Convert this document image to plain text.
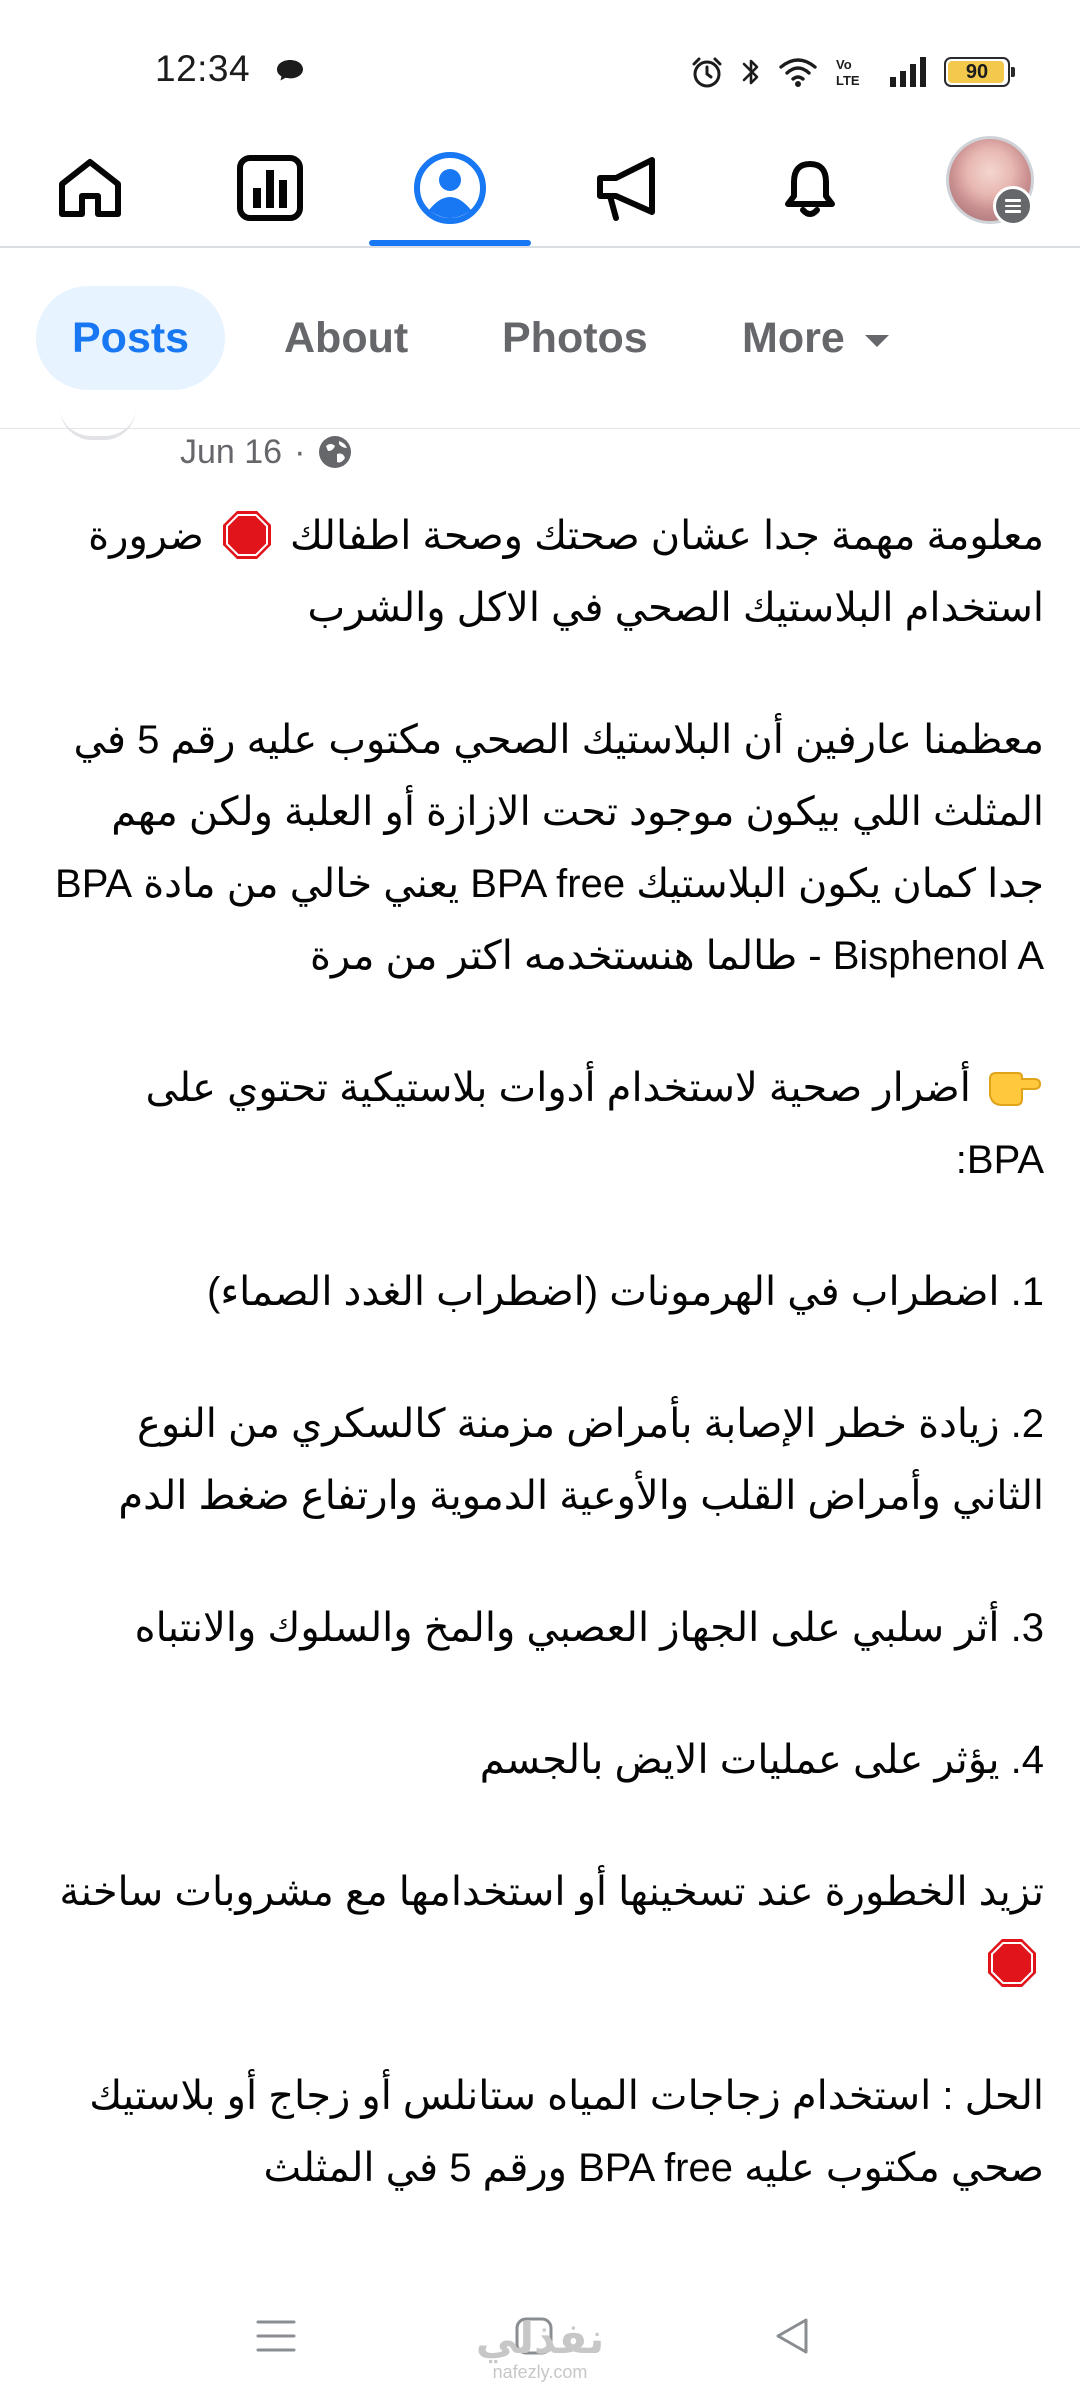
12:34	Vo
LTE	90
Posts	About Photos More
Jun 16 ·

معلومة مهمة جدا عشان صحتك وصحة اطفالك  ضرورة استخدام البلاستيك الصحي في الاكل والشرب

معظمنا عارفين أن البلاستيك الصحي مكتوب عليه رقم 5 في المثلث اللي بيكون موجود تحت الازازة أو العلبة ولكن مهم جدا كمان يكون البلاستيك BPA free يعني خالي من مادة BPA - Bisphenol A طالما هنستخدمه اكتر من مرة

أضرار صحية لاستخدام أدوات بلاستيكية تحتوي على BPA:

1. اضطراب في الهرمونات (اضطراب الغدد الصماء)

2. زيادة خطر الإصابة بأمراض مزمنة كالسكري من النوع الثاني وأمراض القلب والأوعية الدموية وارتفاع ضغط الدم

3. أثر سلبي على الجهاز العصبي والمخ والسلوك والانتباه

4. يؤثر على عمليات الايض بالجسم

تزيد الخطورة عند تسخينها أو استخدامها مع مشروبات ساخنة

الحل : استخدام زجاجات المياه ستانلس أو زجاج أو بلاستيك صحي مكتوب عليه BPA free ورقم 5 في المثلث

نفذلي
nafezly.com
